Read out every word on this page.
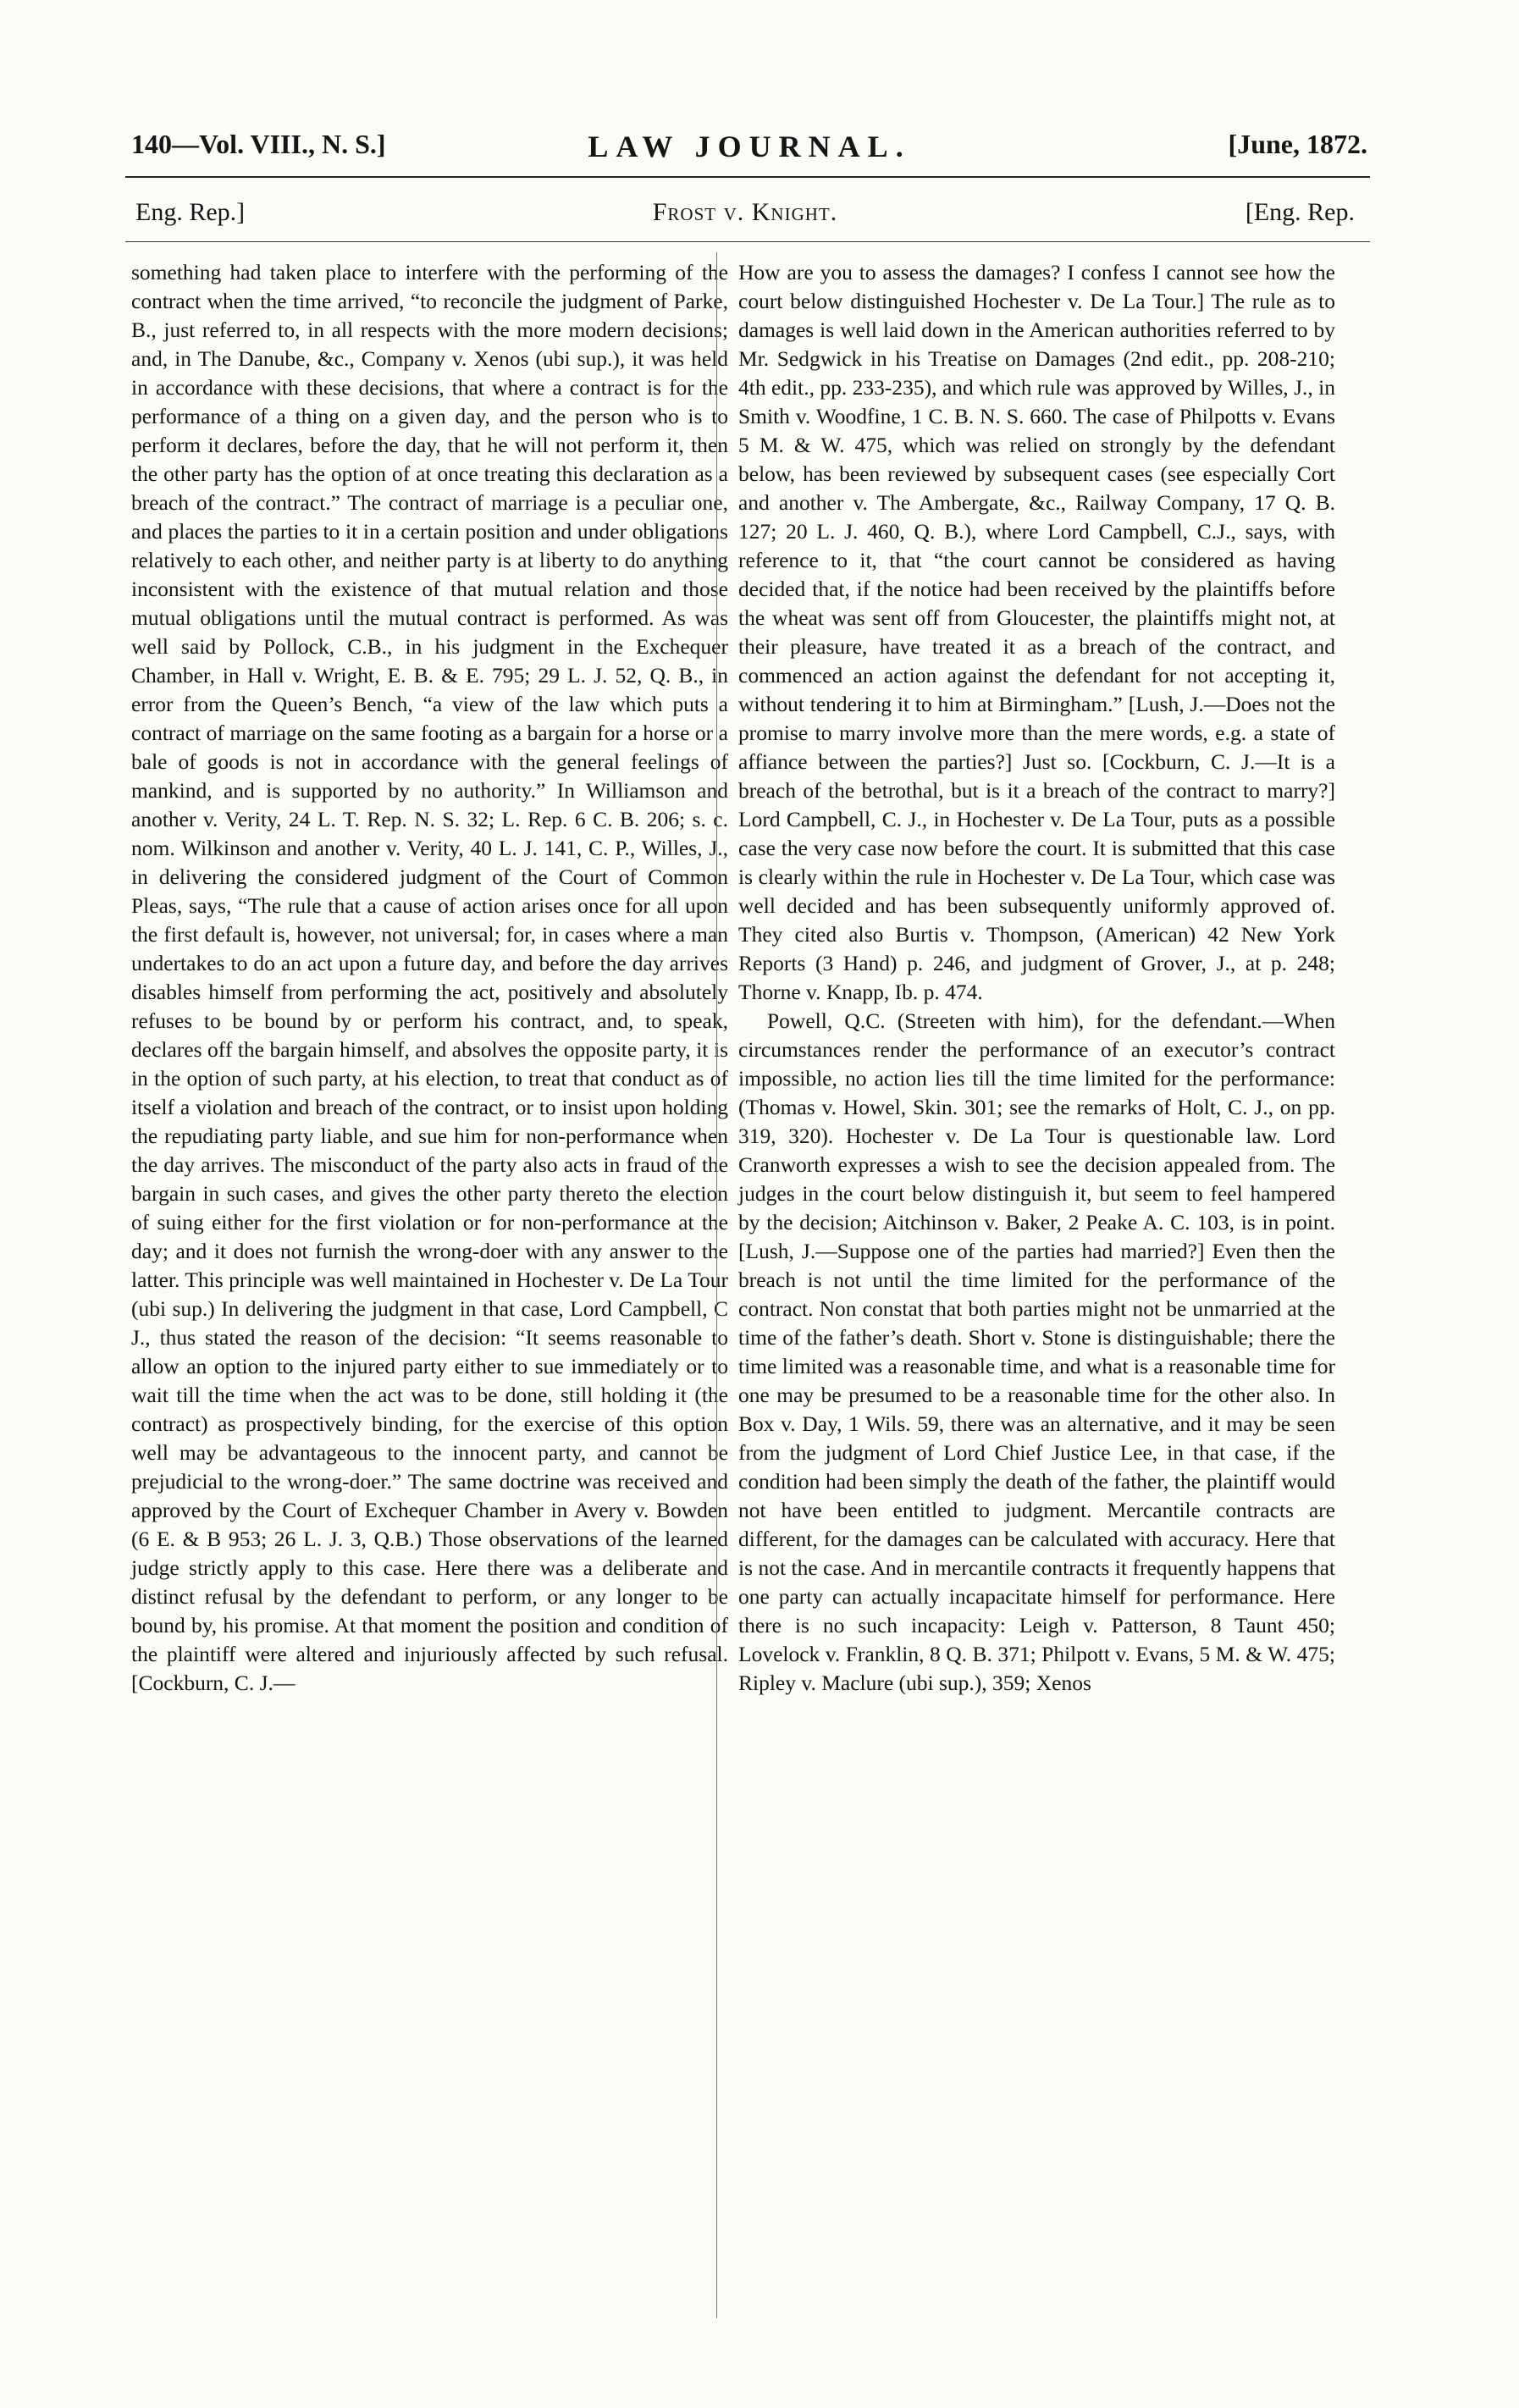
140—Vol. VIII., N. S.]	LAW JOURNAL.	[June, 1872.
Eng. Rep.]	Frost v. Knight.	[Eng. Rep.

something had taken place to interfere with the performing of the contract when the time arrived, “to reconcile the judgment of Parke, B., just referred to, in all respects with the more modern decisions; and, in The Danube, &c., Company v. Xenos (ubi sup.), it was held in accordance with these decisions, that where a contract is for the performance of a thing on a given day, and the person who is to perform it declares, before the day, that he will not perform it, then the other party has the option of at once treating this declaration as a breach of the contract.” The contract of marriage is a peculiar one, and places the parties to it in a certain position and under obligations relatively to each other, and neither party is at liberty to do anything inconsistent with the existence of that mutual relation and those mutual obligations until the mutual contract is performed. As was well said by Pollock, C.B., in his judgment in the Exchequer Chamber, in Hall v. Wright, E. B. & E. 795; 29 L. J. 52, Q. B., in error from the Queen’s Bench, “a view of the law which puts a contract of marriage on the same footing as a bargain for a horse or a bale of goods is not in accordance with the general feelings of mankind, and is supported by no authority.” In Williamson and another v. Verity, 24 L. T. Rep. N. S. 32; L. Rep. 6 C. B. 206; s. c. nom. Wilkinson and another v. Verity, 40 L. J. 141, C. P., Willes, J., in delivering the considered judgment of the Court of Common Pleas, says, “The rule that a cause of action arises once for all upon the first default is, however, not universal; for, in cases where a man undertakes to do an act upon a future day, and before the day arrives disables himself from performing the act, positively and absolutely refuses to be bound by or perform his contract, and, to speak, declares off the bargain himself, and absolves the opposite party, it is in the option of such party, at his election, to treat that conduct as of itself a violation and breach of the contract, or to insist upon holding the repudiating party liable, and sue him for non-performance when the day arrives. The misconduct of the party also acts in fraud of the bargain in such cases, and gives the other party thereto the election of suing either for the first violation or for non-performance at the day; and it does not furnish the wrong-doer with any answer to the latter. This principle was well maintained in Hochester v. De La Tour (ubi sup.) In delivering the judgment in that case, Lord Campbell, C J., thus stated the reason of the decision: “It seems reasonable to allow an option to the injured party either to sue immediately or to wait till the time when the act was to be done, still holding it (the contract) as prospectively binding, for the exercise of this option well may be advantageous to the innocent party, and cannot be prejudicial to the wrong-doer.” The same doctrine was received and approved by the Court of Exchequer Chamber in Avery v. Bowden (6 E. & B 953; 26 L. J. 3, Q.B.) Those observations of the learned judge strictly apply to this case. Here there was a deliberate and distinct refusal by the defendant to perform, or any longer to be bound by, his promise. At that moment the position and condition of the plaintiff were altered and injuriously affected by such refusal. [Cockburn, C. J.—

How are you to assess the damages? I confess I cannot see how the court below distinguished Hochester v. De La Tour.] The rule as to damages is well laid down in the American authorities referred to by Mr. Sedgwick in his Treatise on Damages (2nd edit., pp. 208-210; 4th edit., pp. 233-235), and which rule was approved by Willes, J., in Smith v. Woodfine, 1 C. B. N. S. 660. The case of Philpotts v. Evans 5 M. & W. 475, which was relied on strongly by the defendant below, has been reviewed by subsequent cases (see especially Cort and another v. The Ambergate, &c., Railway Company, 17 Q. B. 127; 20 L. J. 460, Q. B.), where Lord Campbell, C.J., says, with reference to it, that “the court cannot be considered as having decided that, if the notice had been received by the plaintiffs before the wheat was sent off from Gloucester, the plaintiffs might not, at their pleasure, have treated it as a breach of the contract, and commenced an action against the defendant for not accepting it, without tendering it to him at Birmingham.” [Lush, J.—Does not the promise to marry involve more than the mere words, e.g. a state of affiance between the parties?] Just so. [Cockburn, C. J.—It is a breach of the betrothal, but is it a breach of the contract to marry?] Lord Campbell, C. J., in Hochester v. De La Tour, puts as a possible case the very case now before the court. It is submitted that this case is clearly within the rule in Hochester v. De La Tour, which case was well decided and has been subsequently uniformly approved of. They cited also Burtis v. Thompson, (American) 42 New York Reports (3 Hand) p. 246, and judgment of Grover, J., at p. 248; Thorne v. Knapp, Ib. p. 474.

Powell, Q.C. (Streeten with him), for the defendant.—When circumstances render the performance of an executor’s contract impossible, no action lies till the time limited for the performance: (Thomas v. Howel, Skin. 301; see the remarks of Holt, C. J., on pp. 319, 320). Hochester v. De La Tour is questionable law. Lord Cranworth expresses a wish to see the decision appealed from. The judges in the court below distinguish it, but seem to feel hampered by the decision; Aitchinson v. Baker, 2 Peake A. C. 103, is in point. [Lush, J.—Suppose one of the parties had married?] Even then the breach is not until the time limited for the performance of the contract. Non constat that both parties might not be unmarried at the time of the father’s death. Short v. Stone is distinguishable; there the time limited was a reasonable time, and what is a reasonable time for one may be presumed to be a reasonable time for the other also. In Box v. Day, 1 Wils. 59, there was an alternative, and it may be seen from the judgment of Lord Chief Justice Lee, in that case, if the condition had been simply the death of the father, the plaintiff would not have been entitled to judgment. Mercantile contracts are different, for the damages can be calculated with accuracy. Here that is not the case. And in mercantile contracts it frequently happens that one party can actually incapacitate himself for performance. Here there is no such incapacity: Leigh v. Patterson, 8 Taunt 450; Lovelock v. Franklin, 8 Q. B. 371; Philpott v. Evans, 5 M. & W. 475; Ripley v. Maclure (ubi sup.), 359; Xenos
